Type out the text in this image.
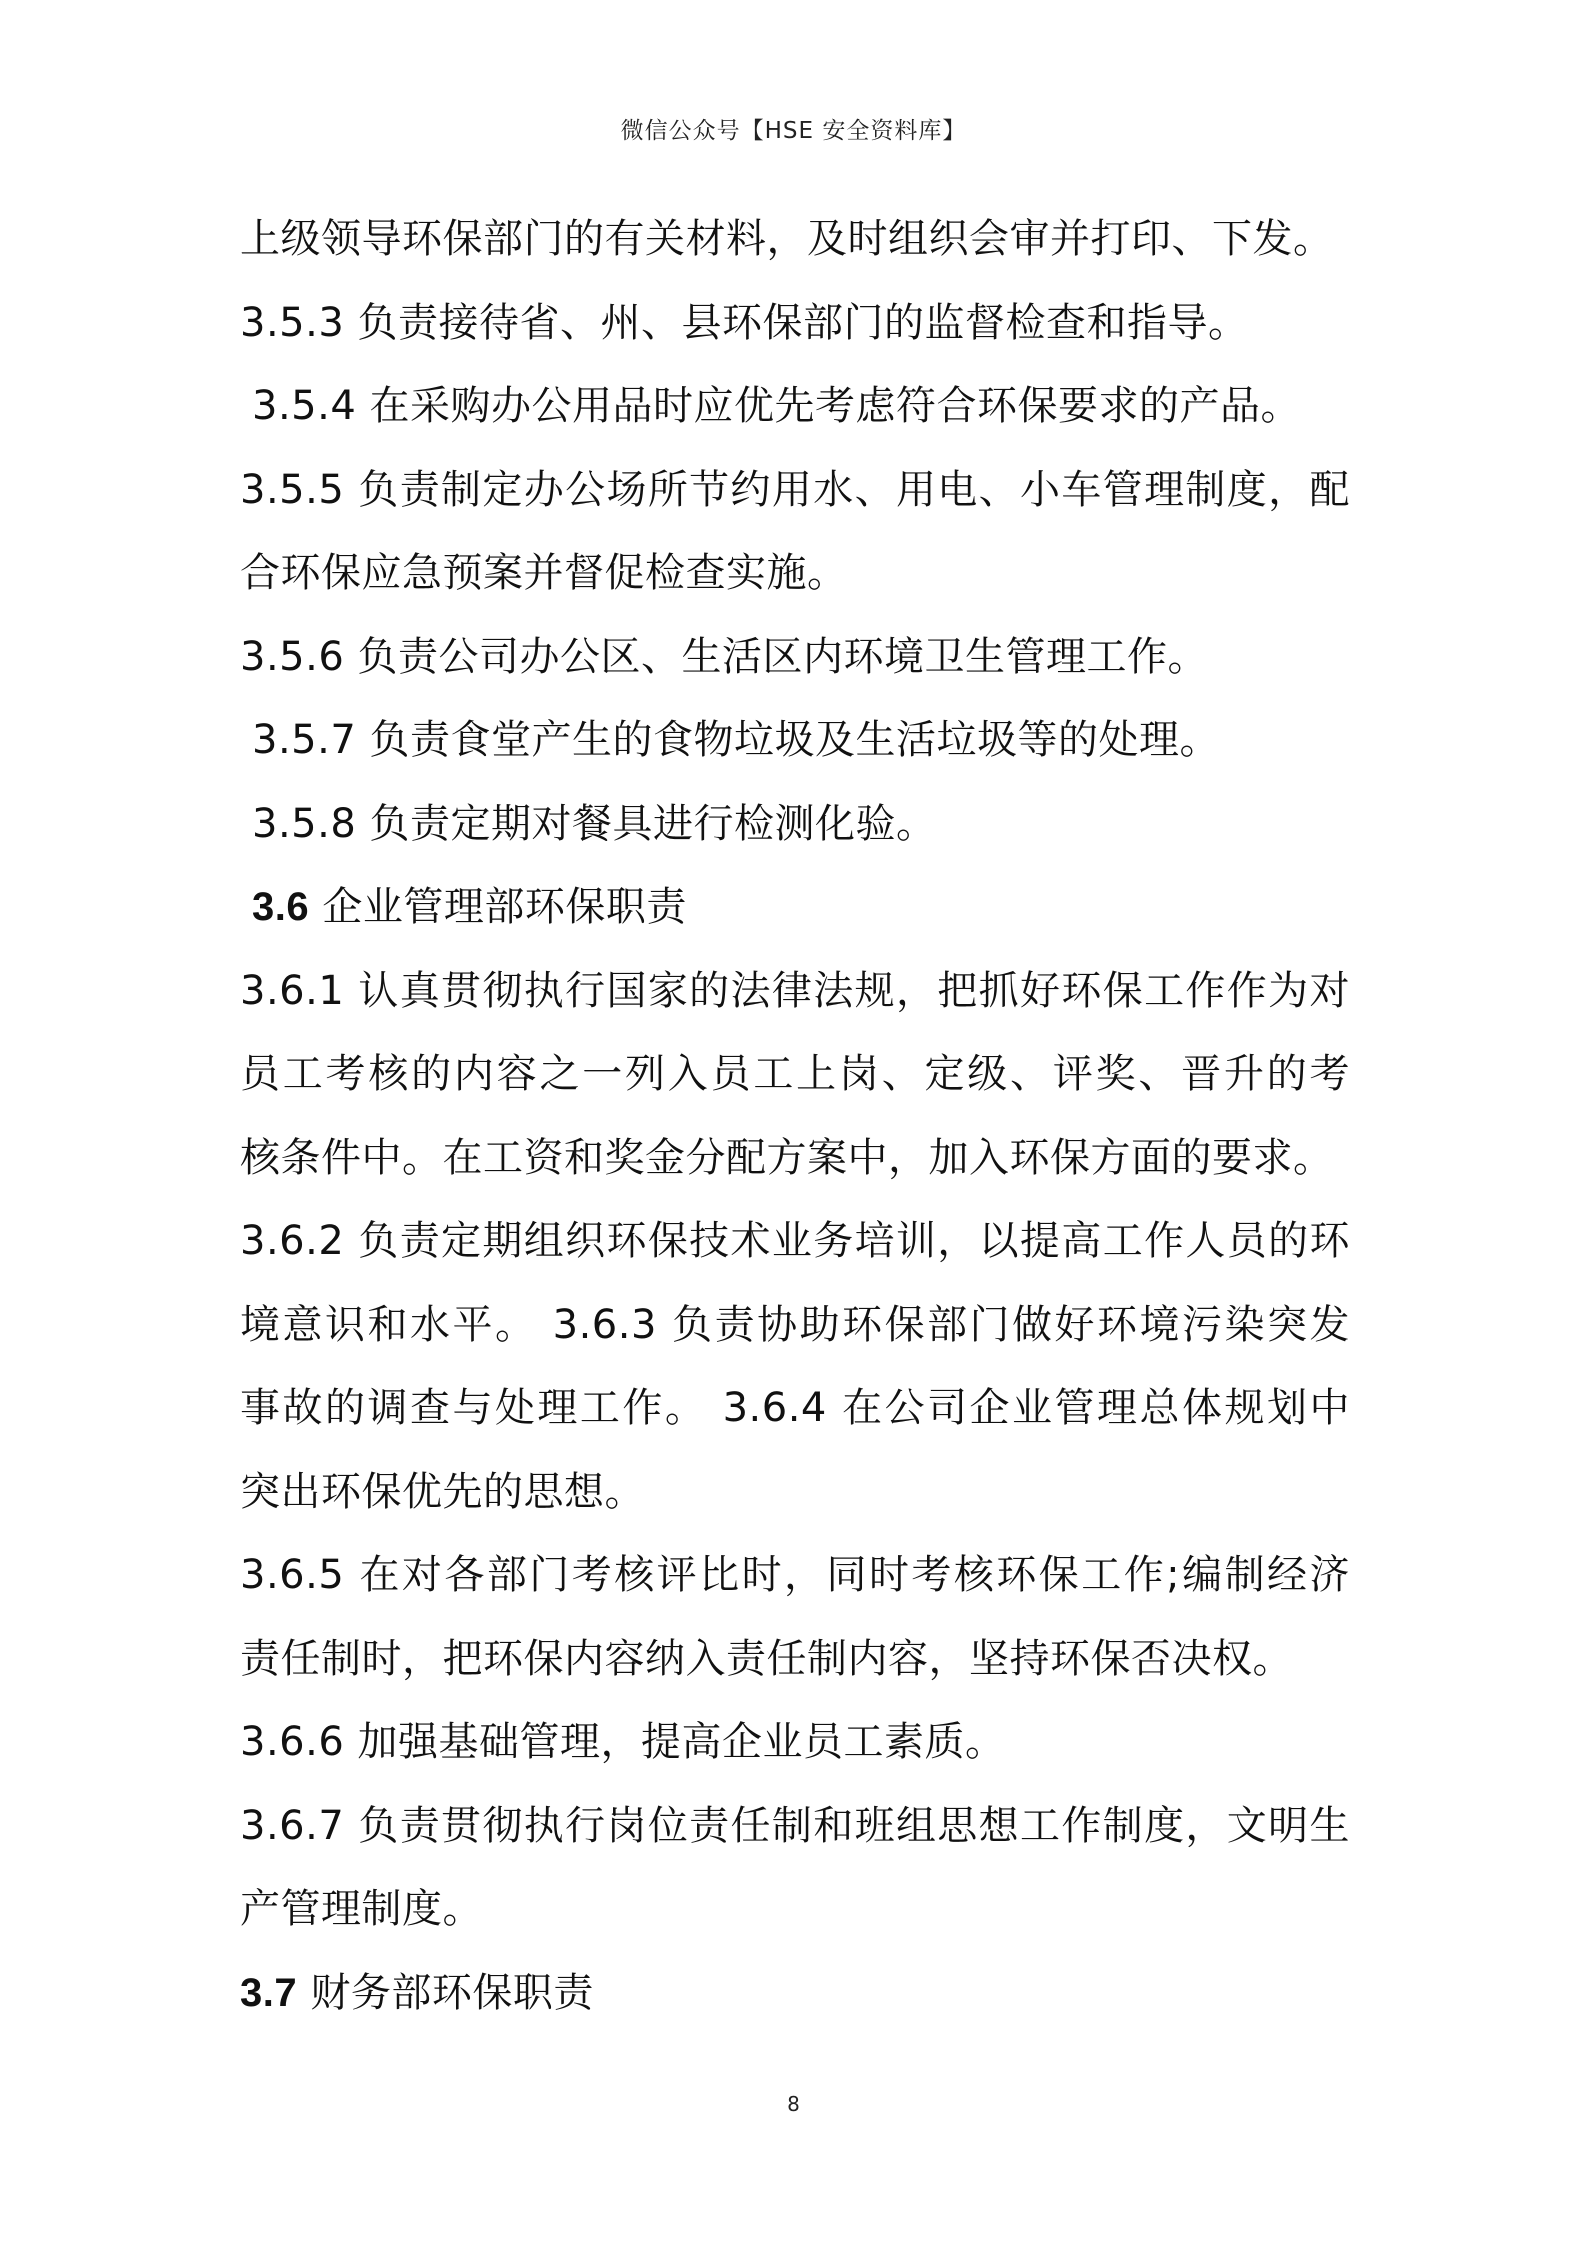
微信公众号【HSE 安全资料库】
上级领导环保部门的有关材料，及时组织会审并打印、下发。
3.5.3 负责接待省、州、县环保部门的监督检查和指导。
3.5.4 在采购办公用品时应优先考虑符合环保要求的产品。
3.5.5 负责制定办公场所节约用水、用电、小车管理制度，配
合环保应急预案并督促检查实施。
3.5.6 负责公司办公区、生活区内环境卫生管理工作。
3.5.7 负责食堂产生的食物垃圾及生活垃圾等的处理。
3.5.8 负责定期对餐具进行检测化验。
3.6 企业管理部环保职责
3.6.1 认真贯彻执行国家的法律法规，把抓好环保工作作为对
员工考核的内容之一列入员工上岗、定级、评奖、晋升的考
核条件中。在工资和奖金分配方案中，加入环保方面的要求。
3.6.2 负责定期组织环保技术业务培训，以提高工作人员的环
境意识和水平。 3.6.3 负责协助环保部门做好环境污染突发
事故的调查与处理工作。 3.6.4 在公司企业管理总体规划中
突出环保优先的思想。
3.6.5 在对各部门考核评比时，同时考核环保工作;编制经济
责任制时，把环保内容纳入责任制内容，坚持环保否决权。
3.6.6 加强基础管理，提高企业员工素质。
3.6.7 负责贯彻执行岗位责任制和班组思想工作制度，文明生
产管理制度。
3.7 财务部环保职责
8
